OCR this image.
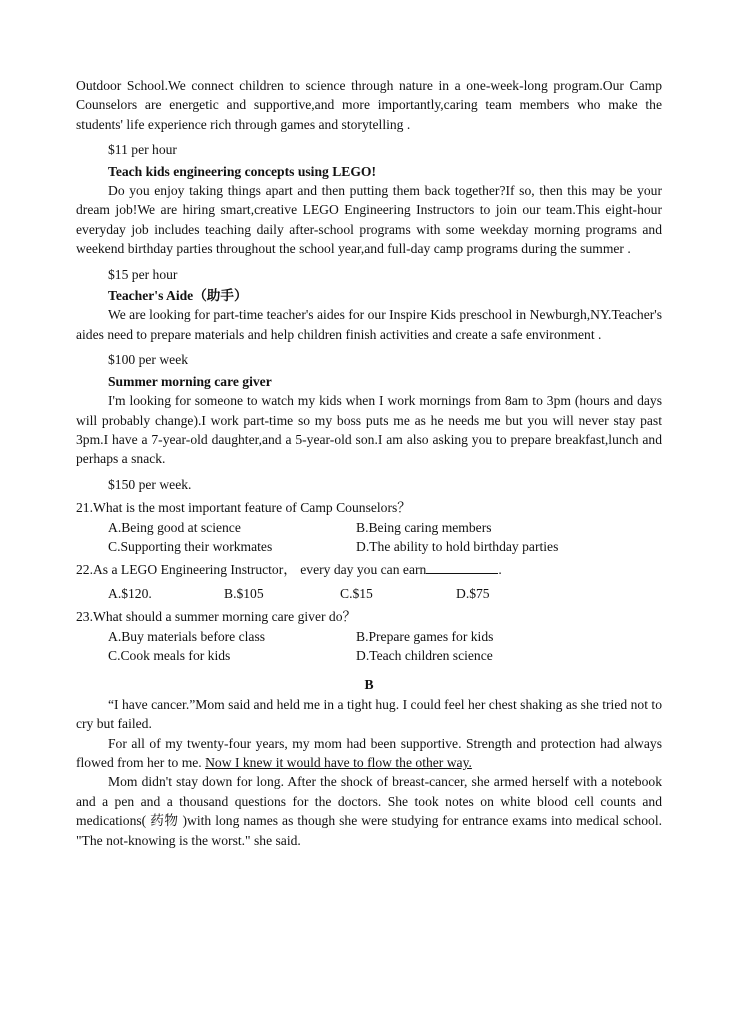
Outdoor School.We connect children to science through nature in a one-week-long program.Our Camp Counselors are energetic and supportive,and more importantly,caring team members who make the students' life experience rich through games and storytelling .

$11 per hour
Teach kids engineering concepts using LEGO!

Do you enjoy taking things apart and then putting them back together?If so, then this may be your dream job!We are hiring smart,creative LEGO Engineering Instructors to join our team.This eight-hour everyday job includes teaching daily after-school programs with some weekday morning programs and weekend birthday parties throughout the school year,and full-day camp programs during the summer .

$15 per hour
Teacher's Aide（助手）

We are looking for part-time teacher's aides for our Inspire Kids preschool in Newburgh,NY.Teacher's aides need to prepare materials and help children finish activities and create a safe environment .

$100 per week
Summer morning care giver

I'm looking for someone to watch my kids when I work mornings from 8am to 3pm (hours and days will probably change).I work part-time so my boss puts me as he needs me but you will never stay past 3pm.I have a 7-year-old daughter,and a 5-year-old son.I am also asking you to prepare breakfast,lunch and perhaps a snack.

$150 per week.
21.What is the most important feature of Camp Counselors？
A.Being good at science	B.Being caring members
C.Supporting their workmates	D.The ability to hold birthday parties
22.As a LEGO Engineering Instructor， every day you can earn	.
A.$120.	B.$105	C.$15	D.$75
23.What should a summer morning care giver do？
A.Buy materials before class	B.Prepare games for kids
C.Cook meals for kids	D.Teach children science
B

“I have cancer.”Mom said and held me in a tight hug. I could feel her chest shaking as she tried not to cry but failed.

For all of my twenty-four years, my mom had been supportive. Strength and protection had always flowed from her to me. Now I knew it would have to flow the other way.

Mom didn't stay down for long. After the shock of breast-cancer, she armed herself with a notebook and a pen and a thousand questions for the doctors. She took notes on white blood cell counts and medications( 药物 )with long names as though she were studying for entrance exams into medical school. "The not-knowing is the worst." she said.
